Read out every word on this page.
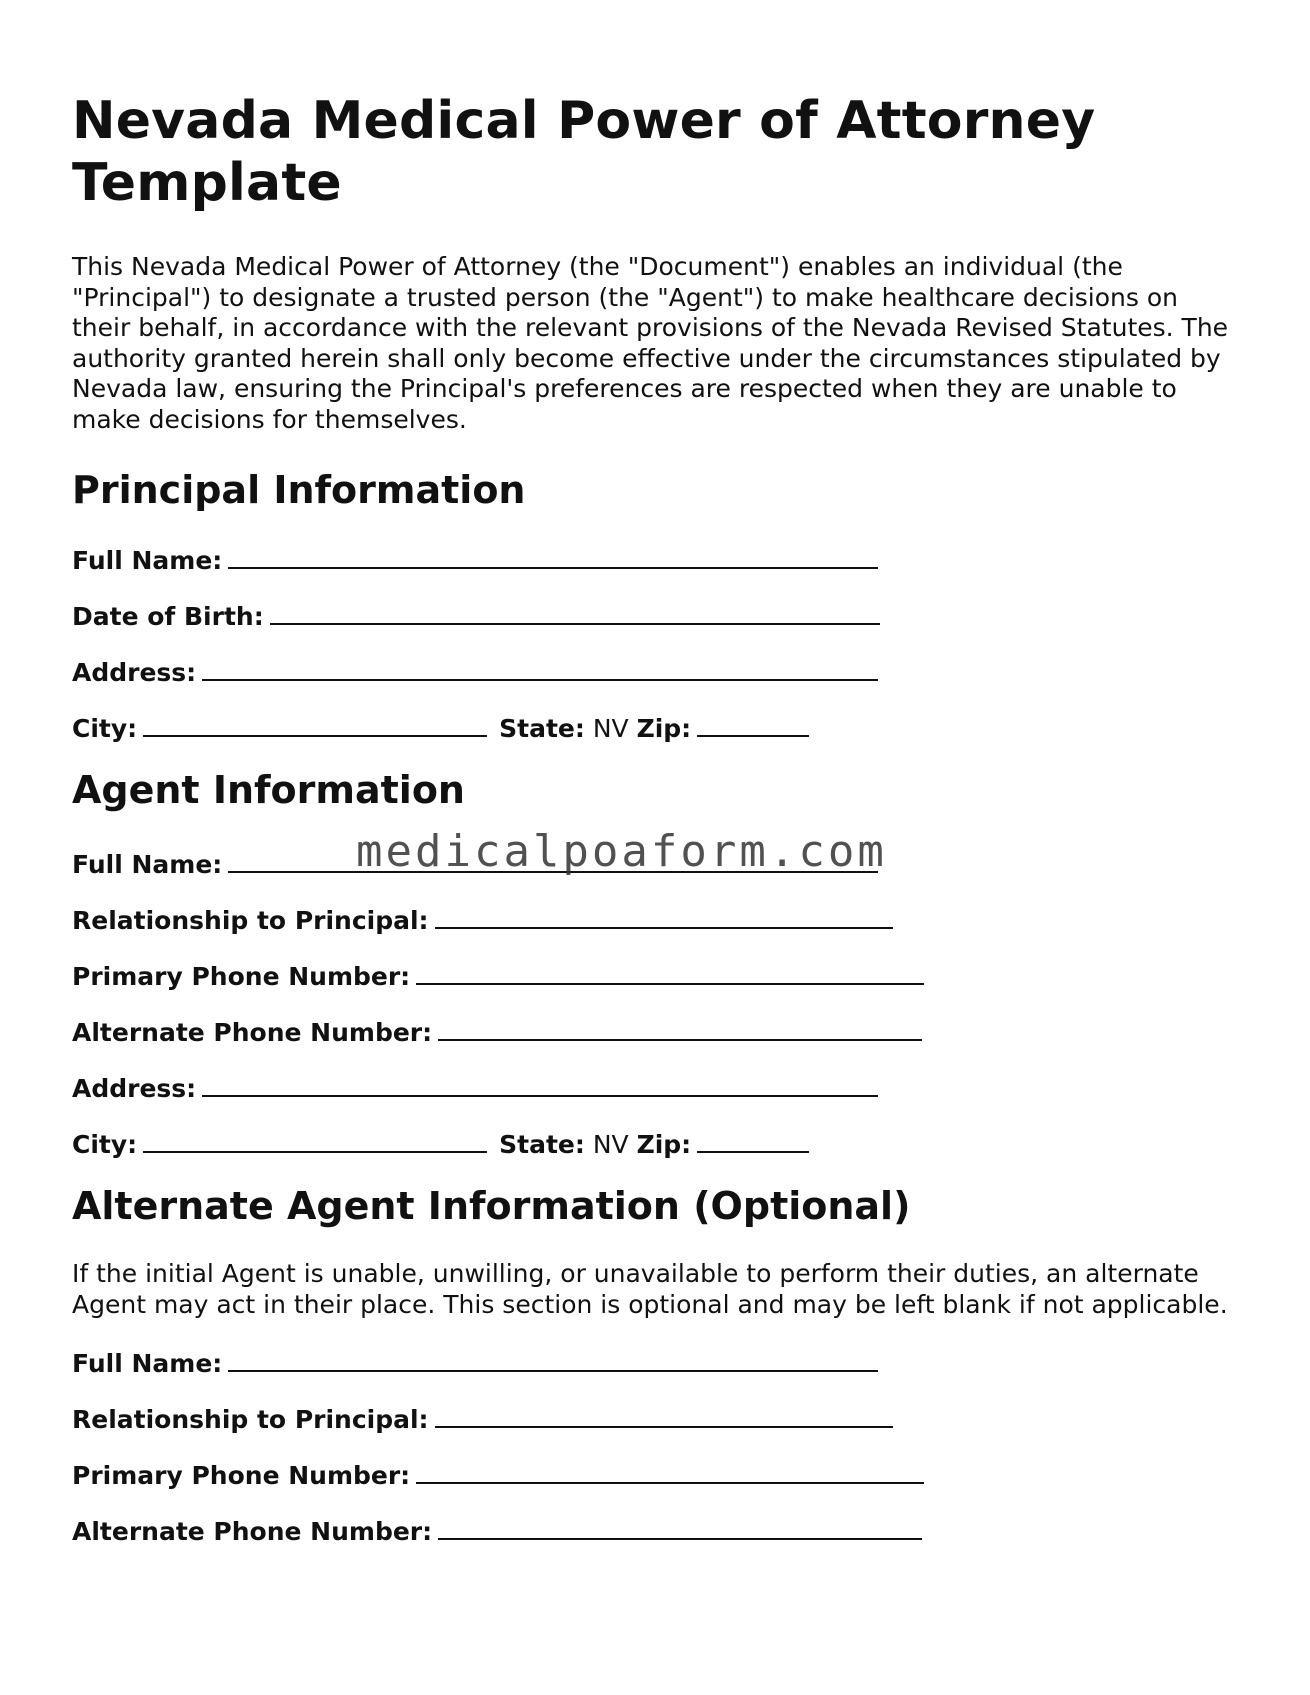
Nevada Medical Power of Attorney Template

This Nevada Medical Power of Attorney (the "Document") enables an individual (the "Principal") to designate a trusted person (the "Agent") to make healthcare decisions on their behalf, in accordance with the relevant provisions of the Nevada Revised Statutes. The authority granted herein shall only become effective under the circumstances stipulated by Nevada law, ensuring the Principal's preferences are respected when they are unable to make decisions for themselves.

Principal Information
Full Name:
Date of Birth:
Address:
City:	State: NV Zip:
Agent Information
Full Name:
Relationship to Principal:
Primary Phone Number:
Alternate Phone Number:
Address:
City:	State: NV Zip:
Alternate Agent Information (Optional)

If the initial Agent is unable, unwilling, or unavailable to perform their duties, an alternate Agent may act in their place. This section is optional and may be left blank if not applicable.

Full Name:
Relationship to Principal:
Primary Phone Number:
Alternate Phone Number:
medicalpoaform.com
